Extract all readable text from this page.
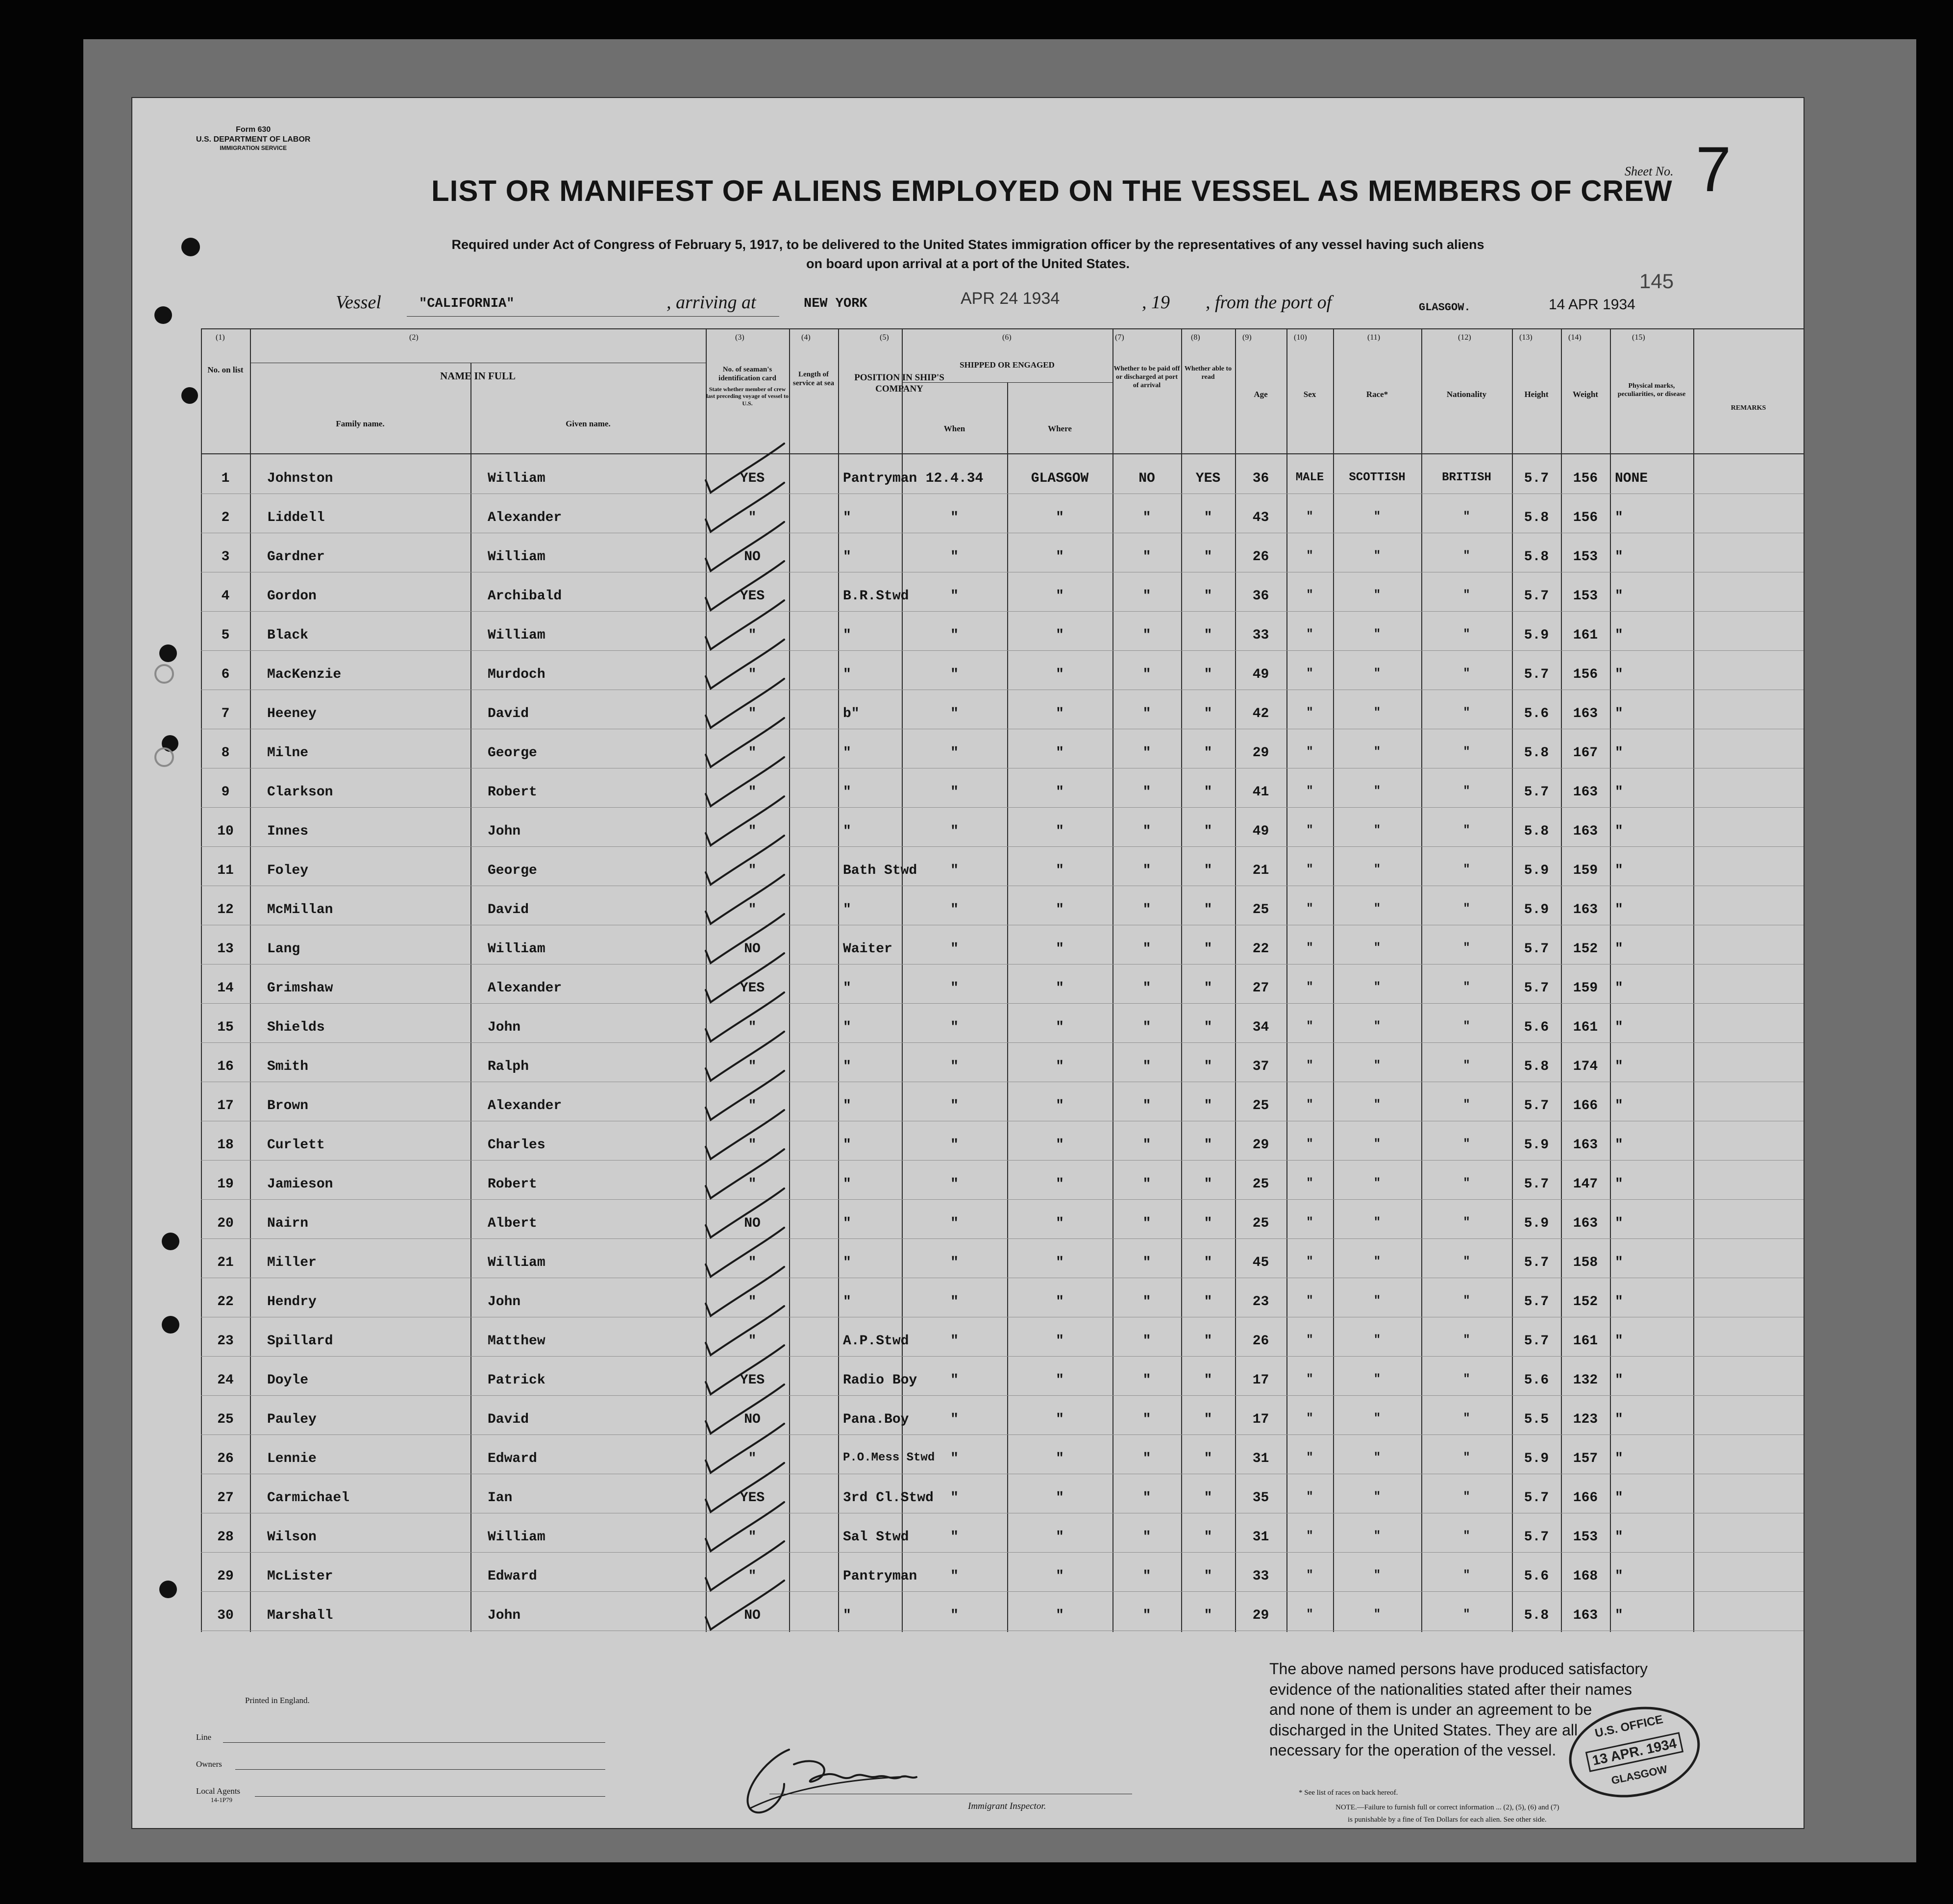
Form 630
U.S. DEPARTMENT OF LABOR
IMMIGRATION SERVICE
Sheet No. 7
145
LIST OR MANIFEST OF ALIENS EMPLOYED ON THE VESSEL AS MEMBERS OF CREW
Required under Act of Congress of February 5, 1917, to be delivered to the United States immigration officer by the representatives of any vessel having such aliens
on board upon arrival at a port of the United States.
Vessel	"CALIFORNIA"	, arriving at	NEW YORK	APR 24 1934	, 19 , from the port of	GLASGOW.	14 APR 1934
(1)	(2)	(3)	(4)	(5)	(6)	(7)	(8)	(9)	(10)	(11)	(12)	(13)	(14)	(15)
No. on list
NAME IN FULL
Family name.	Given name.
No. of seaman's identification card
State whether member of crew last preceding voyage of vessel to U.S.
Length of service at sea
POSITION IN SHIP'S COMPANY
SHIPPED OR ENGAGED
When	Where
Whether to be paid off or discharged at port of arrival
Whether able to read
Age	Sex	Race*	Nationality	Height	Weight
Physical marks, peculiarities, or disease
REMARKS
1	Johnston	William	YES	Pantryman 12.4.34	GLASGOW	NO	YES	36	MALE	SCOTTISH	BRITISH	5.7	156	NONE
2	Liddell	Alexander	"	"	"	"	"	"	43	"	"	"	5.8	156	"
3	Gardner	William	NO	"	"	"	"	"	26	"	"	"	5.8	153	"
4	Gordon	Archibald	YES	B.R.Stwd	"	"	"	"	36	"	"	"	5.7	153	"
5	Black	William	"	"	"	"	"	"	33	"	"	"	5.9	161	"
6	MacKenzie	Murdoch	"	"	"	"	"	"	49	"	"	"	5.7	156	"
7	Heeney	David	"	b"	"	"	"	"	42	"	"	"	5.6	163	"
8	Milne	George	"	"	"	"	"	"	29	"	"	"	5.8	167	"
9	Clarkson	Robert	"	"	"	"	"	"	41	"	"	"	5.7	163	"
10	Innes	John	"	"	"	"	"	"	49	"	"	"	5.8	163	"
11	Foley	George	"	Bath Stwd	"	"	"	"	21	"	"	"	5.9	159	"
12	McMillan	David	"	"	"	"	"	"	25	"	"	"	5.9	163	"
13	Lang	William	NO	Waiter	"	"	"	"	22	"	"	"	5.7	152	"
14	Grimshaw	Alexander	YES	"	"	"	"	"	27	"	"	"	5.7	159	"
15	Shields	John	"	"	"	"	"	"	34	"	"	"	5.6	161	"
16	Smith	Ralph	"	"	"	"	"	"	37	"	"	"	5.8	174	"
17	Brown	Alexander	"	"	"	"	"	"	25	"	"	"	5.7	166	"
18	Curlett	Charles	"	"	"	"	"	"	29	"	"	"	5.9	163	"
19	Jamieson	Robert	"	"	"	"	"	"	25	"	"	"	5.7	147	"
20	Nairn	Albert	NO	"	"	"	"	"	25	"	"	"	5.9	163	"
21	Miller	William	"	"	"	"	"	"	45	"	"	"	5.7	158	"
22	Hendry	John	"	"	"	"	"	"	23	"	"	"	5.7	152	"
23	Spillard	Matthew	"	A.P.Stwd	"	"	"	"	26	"	"	"	5.7	161	"
24	Doyle	Patrick	YES	Radio Boy	"	"	"	"	17	"	"	"	5.6	132	"
25	Pauley	David	NO	Pana.Boy	"	"	"	"	17	"	"	"	5.5	123	"
26	Lennie	Edward	"	P.O.Mess Stwd	"	"	"	"	31	"	"	"	5.9	157	"
27	Carmichael	Ian	YES	3rd Cl.Stwd	"	"	"	"	35	"	"	"	5.7	166	"
28	Wilson	William	"	Sal Stwd	"	"	"	"	31	"	"	"	5.7	153	"
29	McLister	Edward	"	Pantryman	"	"	"	"	33	"	"	"	5.6	168	"
30	Marshall	John	NO	"	"	"	"	"	29	"	"	"	5.8	163	"
The above named persons have produced satisfactory evidence of the nationalities stated after their names and none of them is under an agreement to be discharged in the United States. They are all necessary for the operation of the vessel.
U.S. OFFICE
13 APR. 1934
GLASGOW
Printed in England.
Line
Owners
Local Agents
14-1P79
Immigrant Inspector.
* See list of races on back hereof.
NOTE.—Failure to furnish full or correct information ... (2), (5), (6) and (7)
is punishable by a fine of Ten Dollars for each alien. See other side.
